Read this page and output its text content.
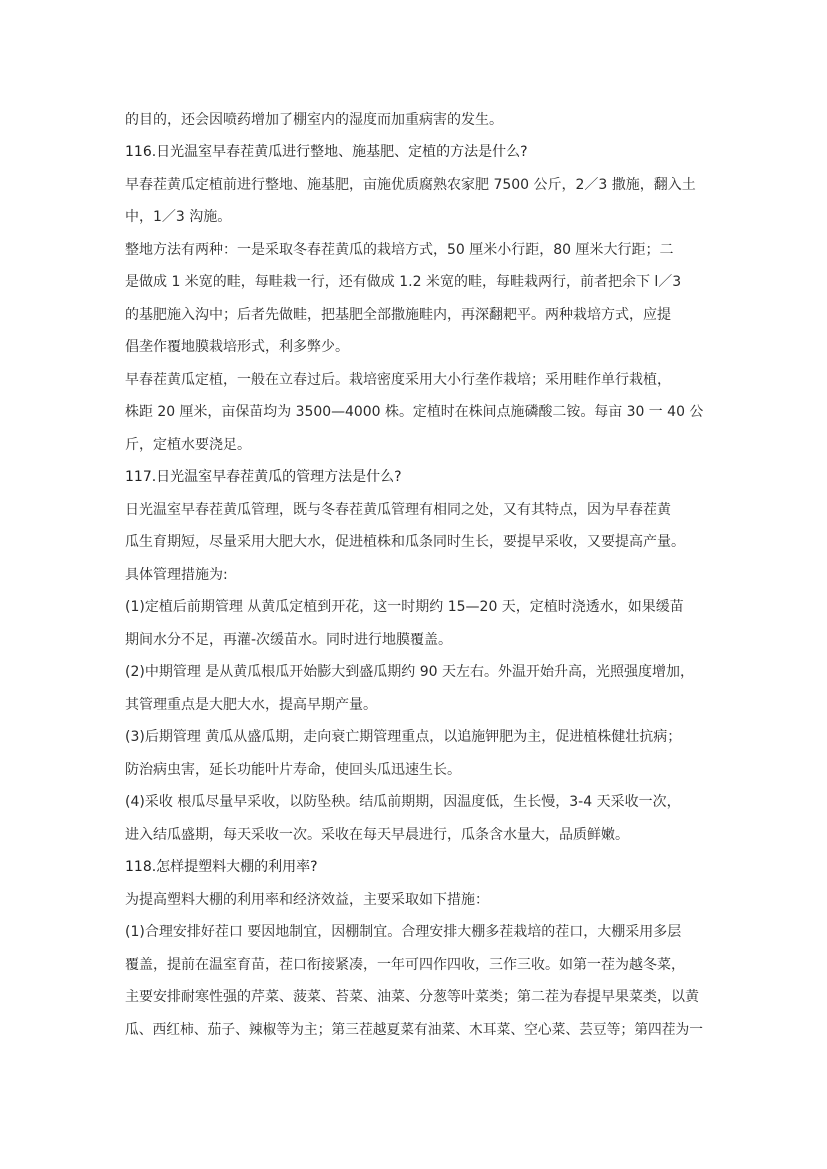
的目的，还会因喷药增加了棚室内的湿度而加重病害的发生。
116.日光温室早春茬黄瓜进行整地、施基肥、定植的方法是什么?
早春茬黄瓜定植前进行整地、施基肥，亩施优质腐熟农家肥 7500 公斤，2／3 撒施，翻入土
中，1／3 沟施。
整地方法有两种：一是采取冬春茬黄瓜的栽培方式，50 厘米小行距，80 厘米大行距；二
是做成 1 米宽的畦，每畦栽一行，还有做成 1.2 米宽的畦，每畦栽两行，前者把余下 l／3
的基肥施入沟中；后者先做畦，把基肥全部撒施畦内，再深翻耙平。两种栽培方式，应提
倡垄作覆地膜栽培形式，利多弊少。
早春茬黄瓜定植，一般在立春过后。栽培密度采用大小行垄作栽培；采用畦作单行栽植，
株距 20 厘米，亩保苗均为 3500—4000 株。定植时在株间点施磷酸二铵。每亩 30 一 40 公
斤，定植水要浇足。
117.日光温室早春茬黄瓜的管理方法是什么?
日光温室早春茬黄瓜管理，既与冬春茬黄瓜管理有相同之处，又有其特点，因为早春茬黄
瓜生育期短，尽量采用大肥大水，促进植株和瓜条同时生长，要提早采收，又要提高产量。
具体管理措施为:
(1)定植后前期管理 从黄瓜定植到开花，这一时期约 15—20 天，定植时浇透水，如果缓苗
期间水分不足，再灌-次缓苗水。同时进行地膜覆盖。
(2)中期管理 是从黄瓜根瓜开始膨大到盛瓜期约 90 天左右。外温开始升高，光照强度增加，
其管理重点是大肥大水，提高早期产量。
(3)后期管理 黄瓜从盛瓜期，走向衰亡期管理重点，以追施钾肥为主，促进植株健壮抗病；
防治病虫害，延长功能叶片寿命，使回头瓜迅速生长。
(4)采收 根瓜尽量早采收，以防坠秧。结瓜前期期，因温度低，生长慢，3-4 天采收一次，
进入结瓜盛期，每天采收一次。采收在每天早晨进行，瓜条含水量大，品质鲜嫩。
118.怎样提塑料大棚的利用率?
为提高塑料大棚的利用率和经济效益，主要采取如下措施：
(1)合理安排好茬口 要因地制宜，因棚制宜。合理安排大棚多茬栽培的茬口，大棚采用多层
覆盖，提前在温室育苗，茬口衔接紧凑，一年可四作四收，三作三收。如第一茬为越冬菜，
主要安排耐寒性强的芹菜、菠菜、苔菜、油菜、分葱等叶菜类；第二茬为春提早果菜类，以黄
瓜、西红柿、茄子、辣椒等为主；第三茬越夏菜有油菜、木耳菜、空心菜、芸豆等；第四茬为一
